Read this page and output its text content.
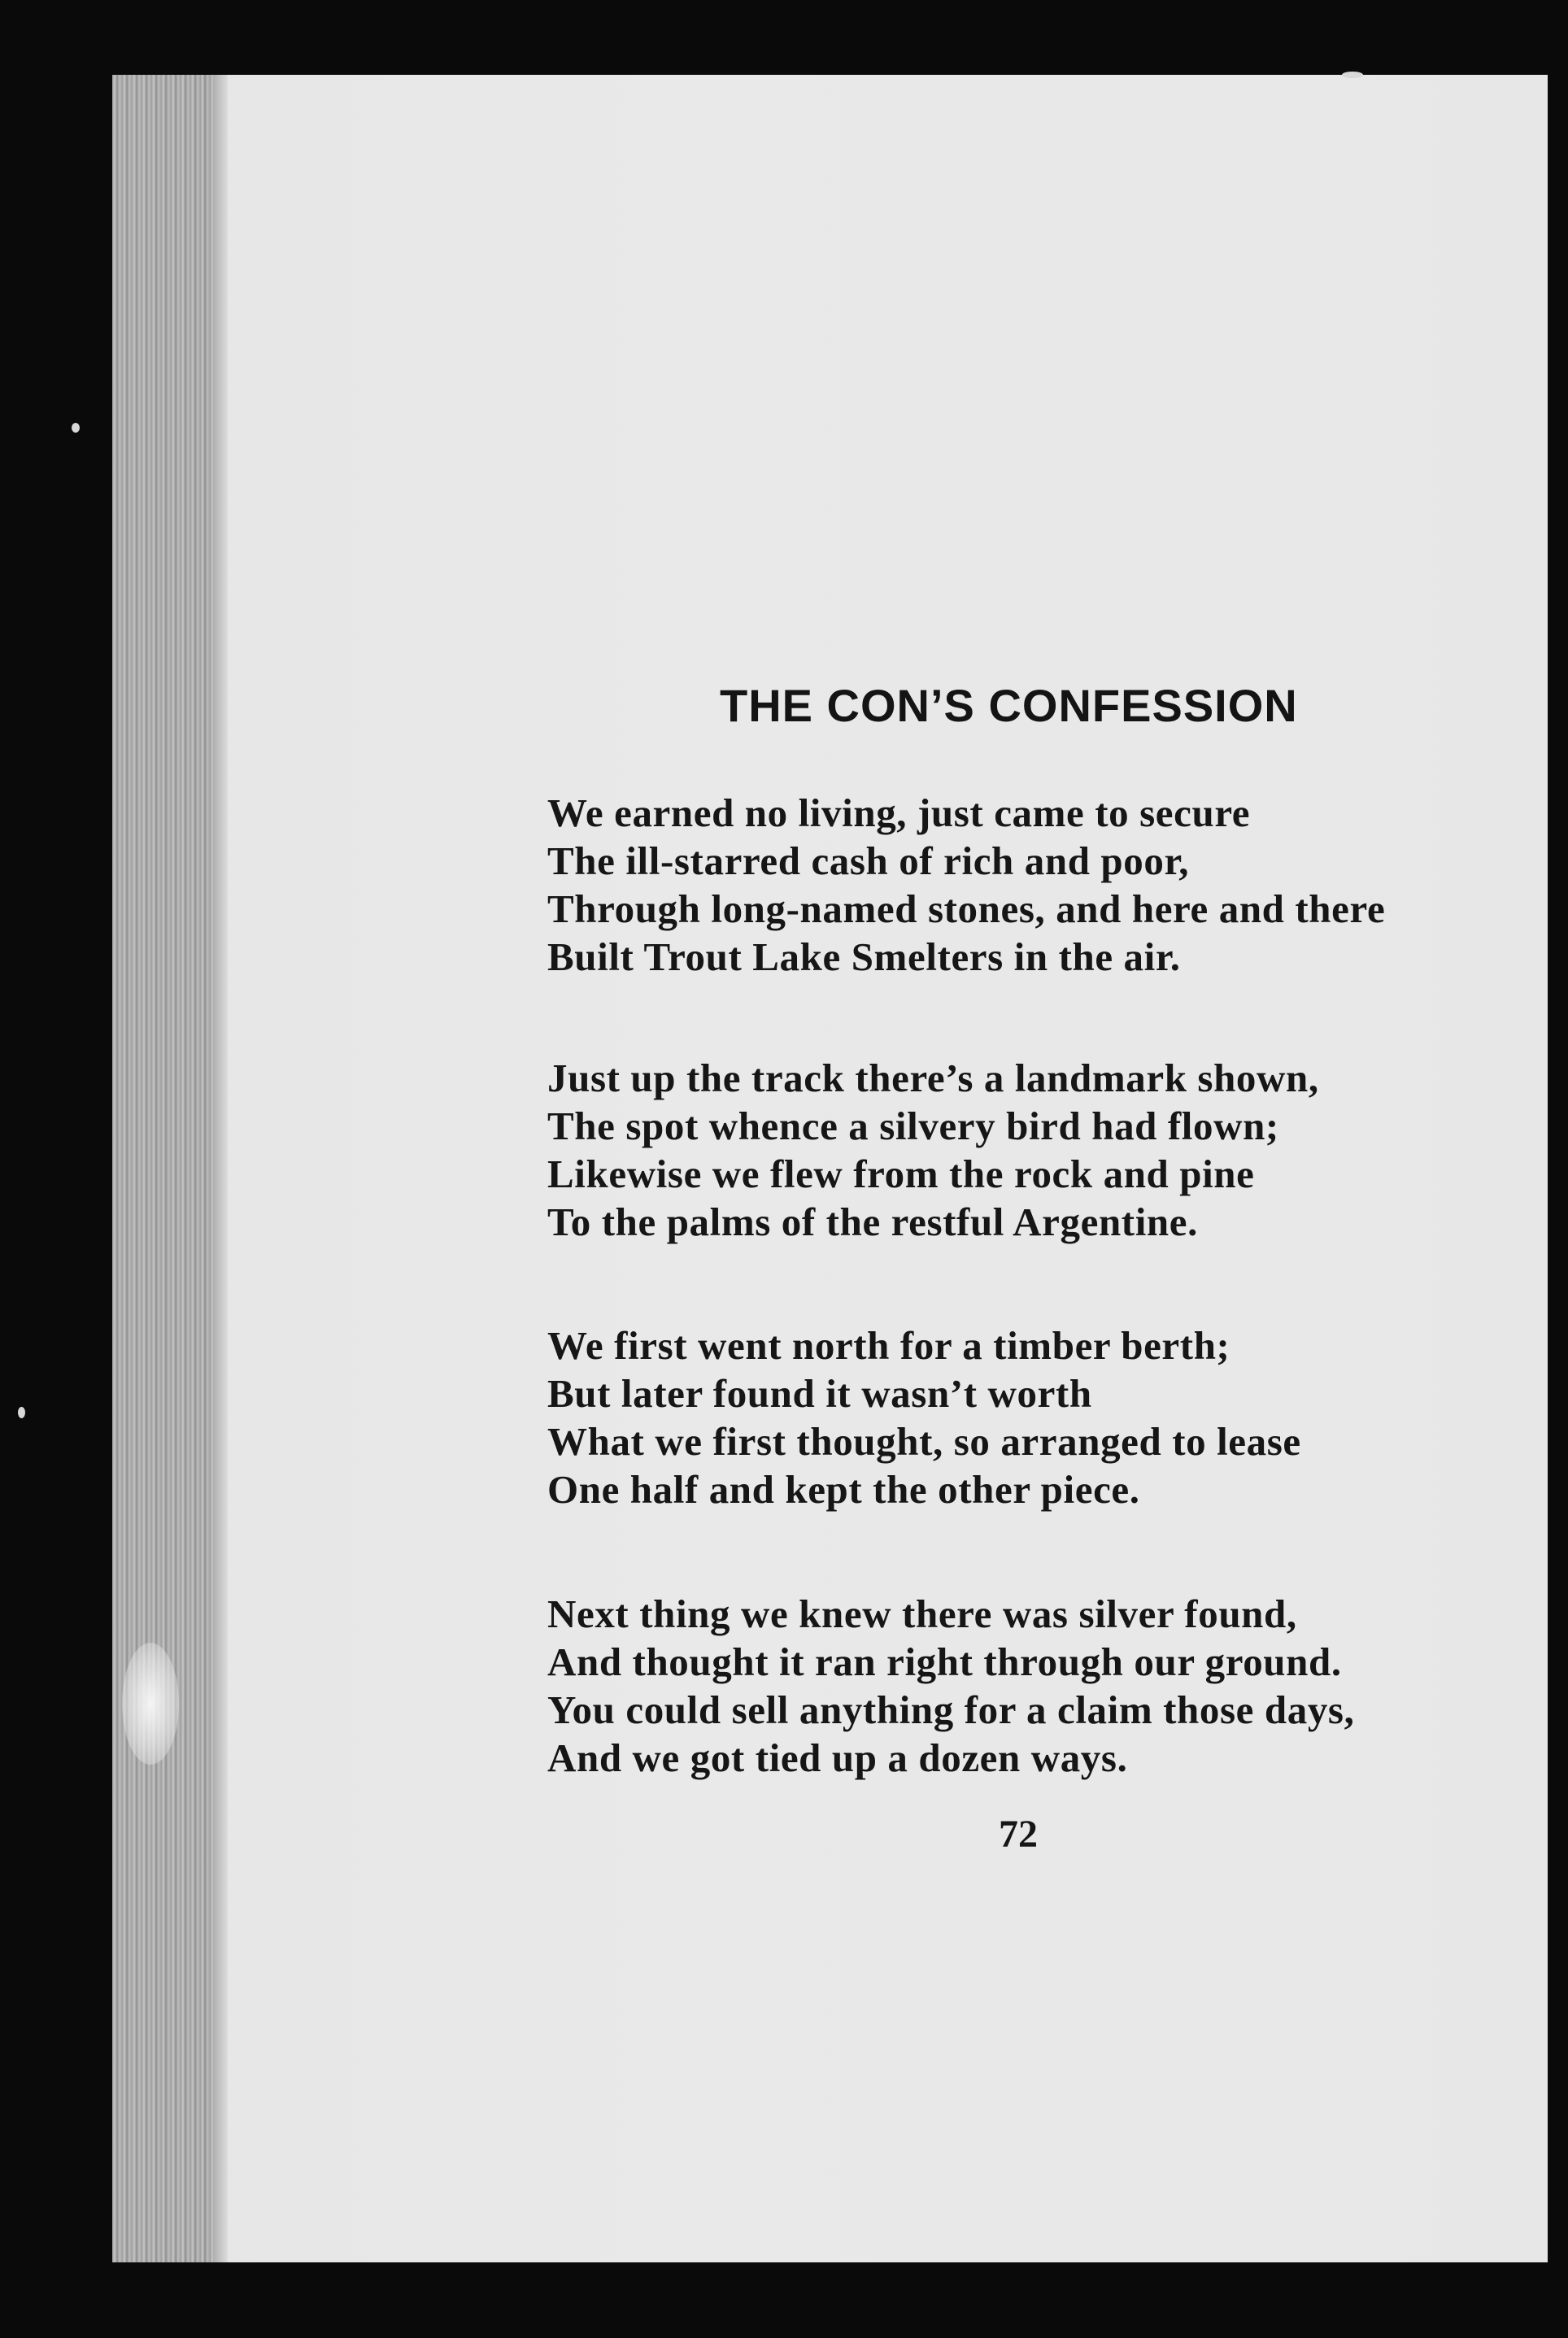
THE CON’S CONFESSION
We earned no living, just came to secure
The ill-starred cash of rich and poor,
Through long-named stones, and here and there
Built Trout Lake Smelters in the air.
Just up the track there’s a landmark shown,
The spot whence a silvery bird had flown;
Likewise we flew from the rock and pine
To the palms of the restful Argentine.
We first went north for a timber berth;
But later found it wasn’t worth
What we first thought, so arranged to lease
One half and kept the other piece.
Next thing we knew there was silver found,
And thought it ran right through our ground.
You could sell anything for a claim those days,
And we got tied up a dozen ways.
72
